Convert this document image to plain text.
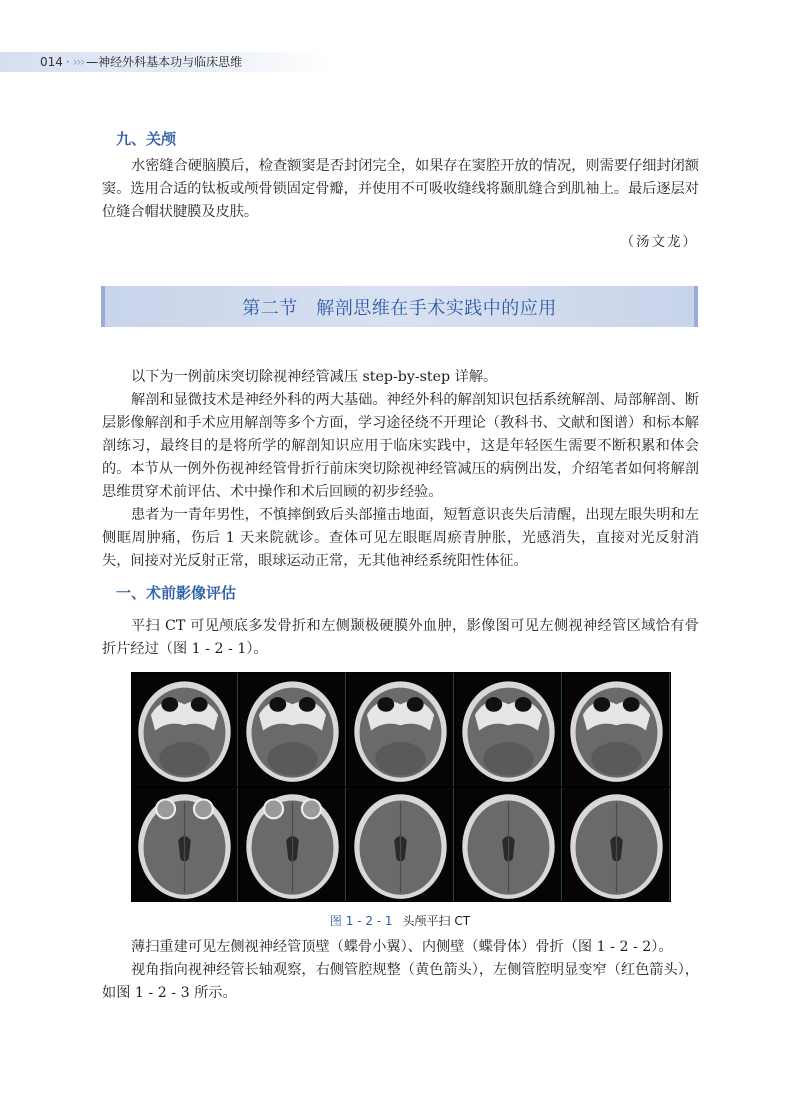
014 · ››› —神经外科基本功与临床思维
九、关颅

水密缝合硬脑膜后，检查额窦是否封闭完全，如果存在窦腔开放的情况，则需要仔细封闭额窦。选用合适的钛板或颅骨锁固定骨瓣，并使用不可吸收缝线将颞肌缝合到肌袖上。最后逐层对位缝合帽状腱膜及皮肤。

（汤文龙）
第二节　解剖思维在手术实践中的应用

以下为一例前床突切除视神经管减压 step-by-step 详解。

解剖和显微技术是神经外科的两大基础。神经外科的解剖知识包括系统解剖、局部解剖、断层影像解剖和手术应用解剖等多个方面，学习途径绕不开理论（教科书、文献和图谱）和标本解剖练习，最终目的是将所学的解剖知识应用于临床实践中，这是年轻医生需要不断积累和体会的。本节从一例外伤视神经管骨折行前床突切除视神经管减压的病例出发，介绍笔者如何将解剖思维贯穿术前评估、术中操作和术后回顾的初步经验。

患者为一青年男性，不慎摔倒致后头部撞击地面，短暂意识丧失后清醒，出现左眼失明和左侧眶周肿痛，伤后 1 天来院就诊。查体可见左眼眶周瘀青肿胀，光感消失，直接对光反射消失，间接对光反射正常，眼球运动正常，无其他神经系统阳性体征。

一、术前影像评估

平扫 CT 可见颅底多发骨折和左侧颞极硬膜外血肿，影像图可见左侧视神经管区域恰有骨折片经过（图 1 - 2 - 1）。

图 1 - 2 - 1 头颅平扫 CT

薄扫重建可见左侧视神经管顶壁（蝶骨小翼）、内侧壁（蝶骨体）骨折（图 1 - 2 - 2）。

视角指向视神经管长轴观察，右侧管腔规整（黄色箭头），左侧管腔明显变窄（红色箭头），如图 1 - 2 - 3 所示。
